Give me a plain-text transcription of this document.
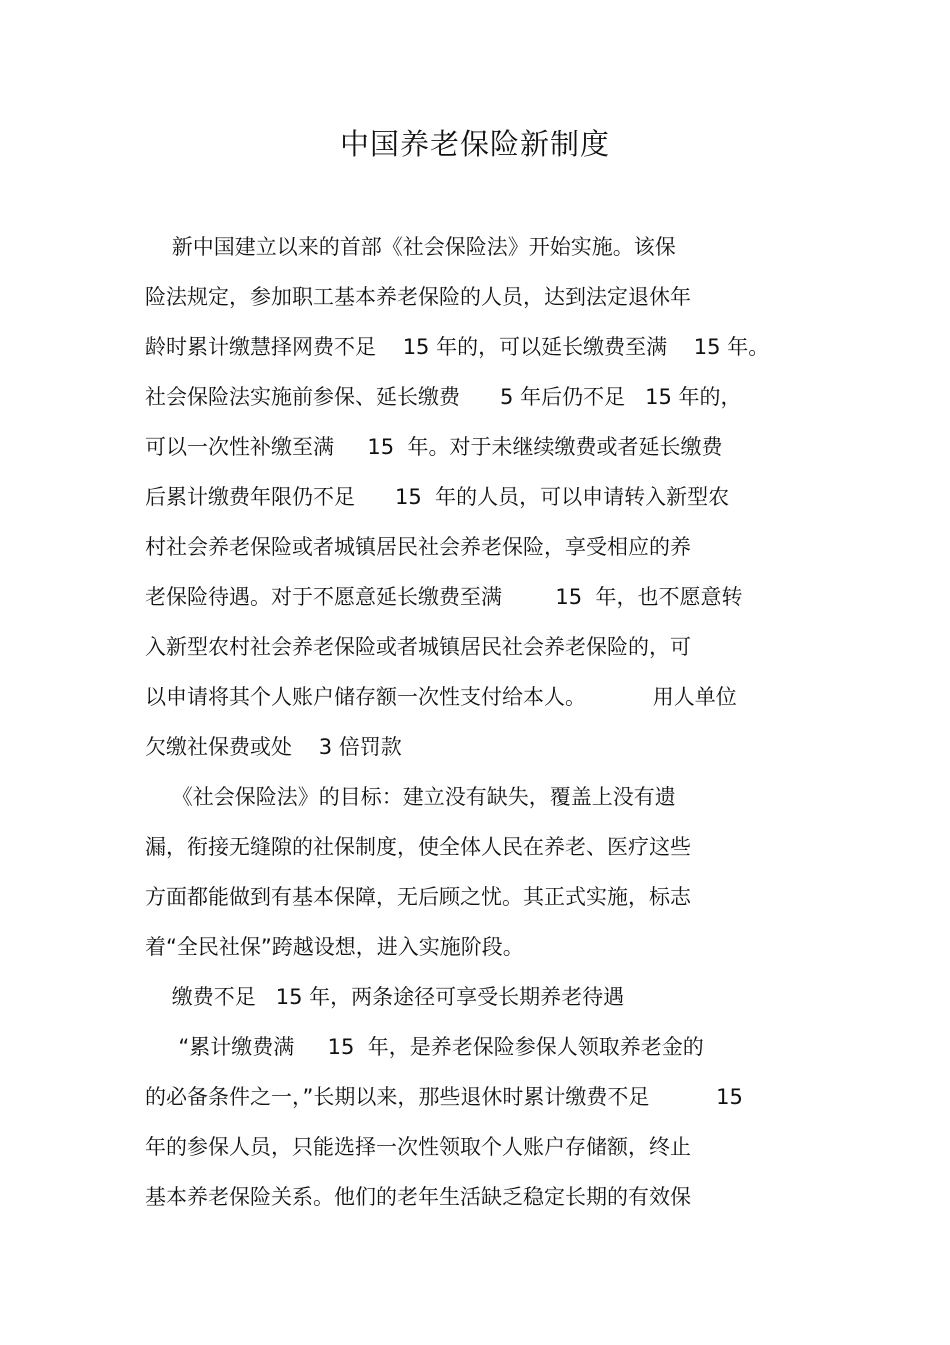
中国养老保险新制度

新中国建立以来的首部《社会保险法》开始实施。该保

险法规定，参加职工基本养老保险的人员，达到法定退休年

龄时累计缴慧择网费不足    15 年的，可以延长缴费至满    15 年。

社会保险法实施前参保、延长缴费      5 年后仍不足   15 年的，

可以一次性补缴至满     15  年。对于未继续缴费或者延长缴费

后累计缴费年限仍不足      15  年的人员，可以申请转入新型农

村社会养老保险或者城镇居民社会养老保险，享受相应的养

老保险待遇。对于不愿意延长缴费至满        15  年，也不愿意转

入新型农村社会养老保险或者城镇居民社会养老保险的，可

以申请将其个人账户储存额一次性支付给本人。          用人单位

欠缴社保费或处    3 倍罚款

《社会保险法》的目标：建立没有缺失，覆盖上没有遗

漏，衔接无缝隙的社保制度，使全体人民在养老、医疗这些

方面都能做到有基本保障，无后顾之忧。其正式实施，标志

着“全民社保”跨越设想，进入实施阶段。

缴费不足   15 年，两条途径可享受长期养老待遇

“累计缴费满     15  年，是养老保险参保人领取养老金的

的必备条件之一，”长期以来，那些退休时累计缴费不足          15

年的参保人员，只能选择一次性领取个人账户存储额，终止

基本养老保险关系。他们的老年生活缺乏稳定长期的有效保
